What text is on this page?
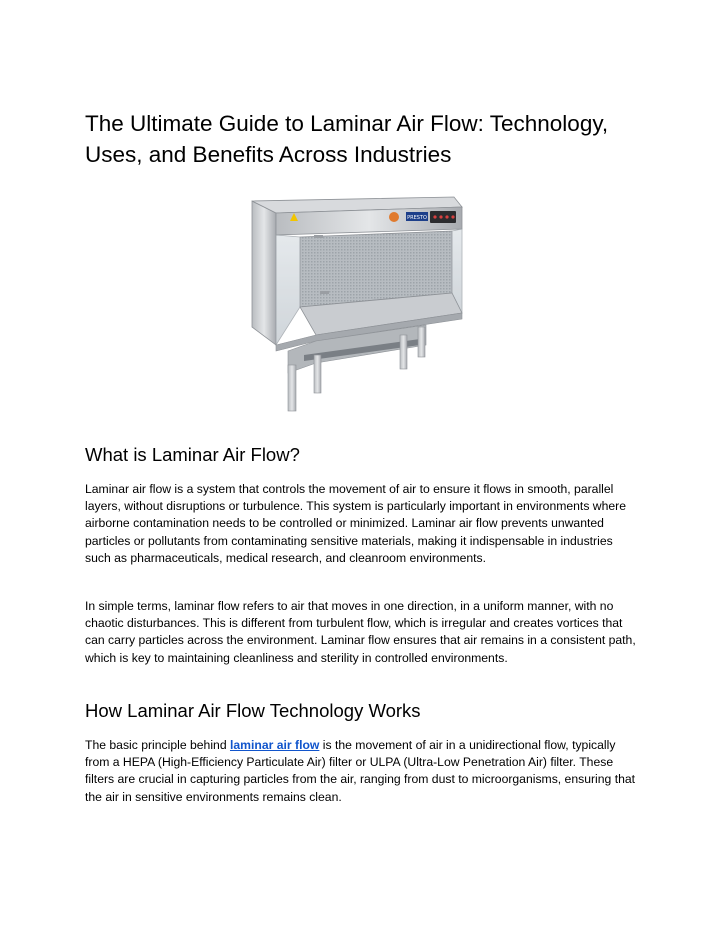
The Ultimate Guide to Laminar Air Flow: Technology, Uses, and Benefits Across Industries
PRESTO
What is Laminar Air Flow?

Laminar air flow is a system that controls the movement of air to ensure it flows in smooth, parallel layers, without disruptions or turbulence. This system is particularly important in environments where airborne contamination needs to be controlled or minimized. Laminar air flow prevents unwanted particles or pollutants from contaminating sensitive materials, making it indispensable in industries such as pharmaceuticals, medical research, and cleanroom environments.

In simple terms, laminar flow refers to air that moves in one direction, in a uniform manner, with no chaotic disturbances. This is different from turbulent flow, which is irregular and creates vortices that can carry particles across the environment. Laminar flow ensures that air remains in a consistent path, which is key to maintaining cleanliness and sterility in controlled environments.

How Laminar Air Flow Technology Works

The basic principle behind laminar air flow is the movement of air in a unidirectional flow, typically from a HEPA (High-Efficiency Particulate Air) filter or ULPA (Ultra-Low Penetration Air) filter. These filters are crucial in capturing particles from the air, ranging from dust to microorganisms, ensuring that the air in sensitive environments remains clean.
